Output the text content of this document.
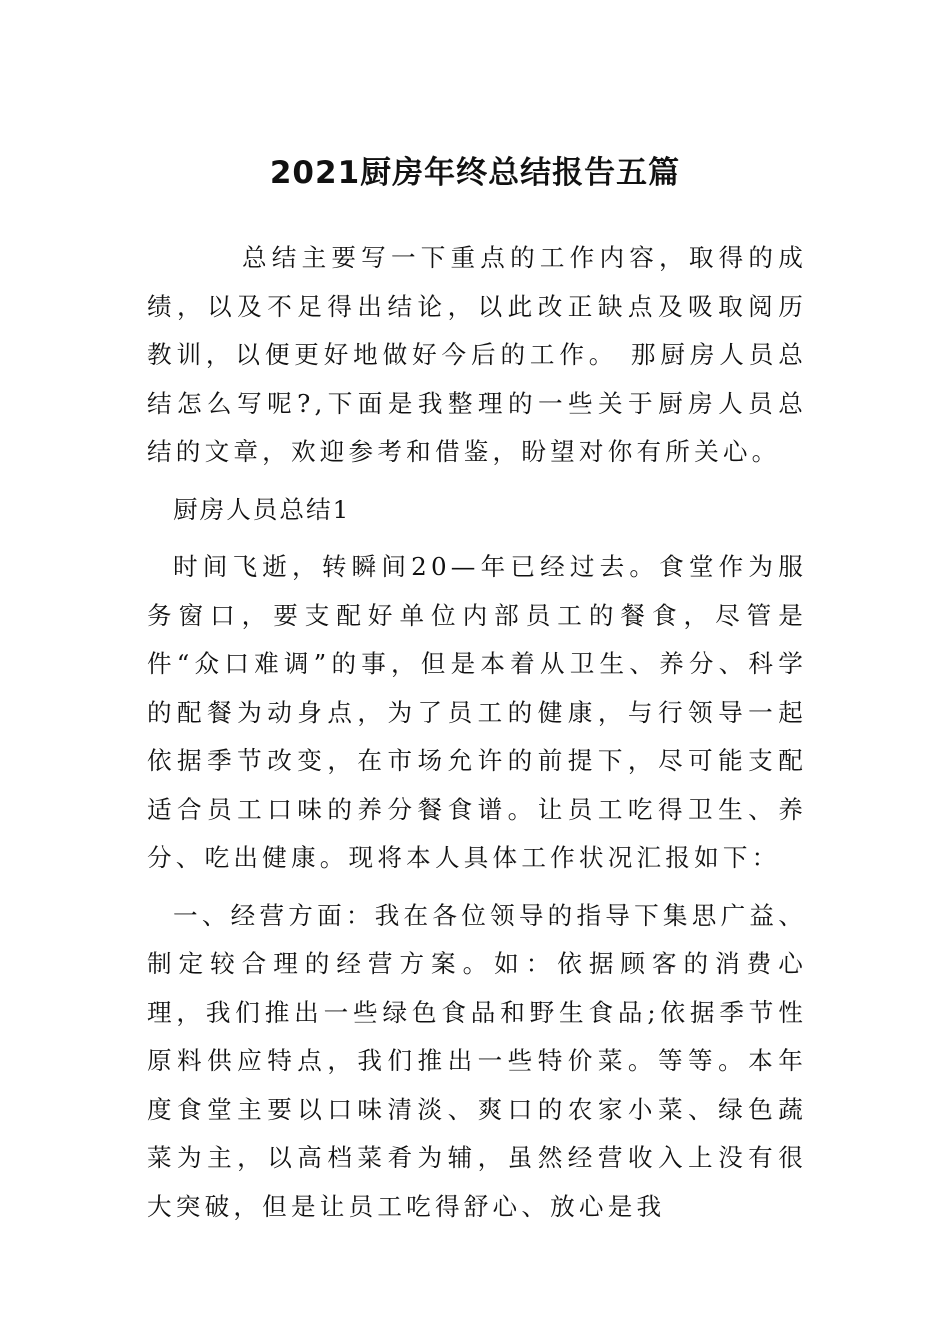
2021厨房年终总结报告五篇

总结主要写一下重点的工作内容，取得的成绩，以及不足得出结论，以此改正缺点及吸取阅历教训，以便更好地做好今后的工作。 那厨房人员总结怎么写呢?,下面是我整理的一些关于厨房人员总结的文章，欢迎参考和借鉴，盼望对你有所关心。

厨房人员总结1

时间飞逝，转瞬间20—年已经过去。食堂作为服务窗口，要支配好单位内部员工的餐食，尽管是件“众口难调”的事，但是本着从卫生、养分、科学的配餐为动身点，为了员工的健康，与行领导一起依据季节改变，在市场允许的前提下，尽可能支配适合员工口味的养分餐食谱。让员工吃得卫生、养分、吃出健康。现将本人具体工作状况汇报如下：

一、经营方面：我在各位领导的指导下集思广益、制定较合理的经营方案。如：依据顾客的消费心理，我们推出一些绿色食品和野生食品;依据季节性原料供应特点，我们推出一些特价菜。等等。本年度食堂主要以口味清淡、爽口的农家小菜、绿色蔬菜为主，以高档菜肴为辅，虽然经营收入上没有很大突破，但是让员工吃得舒心、放心是我
